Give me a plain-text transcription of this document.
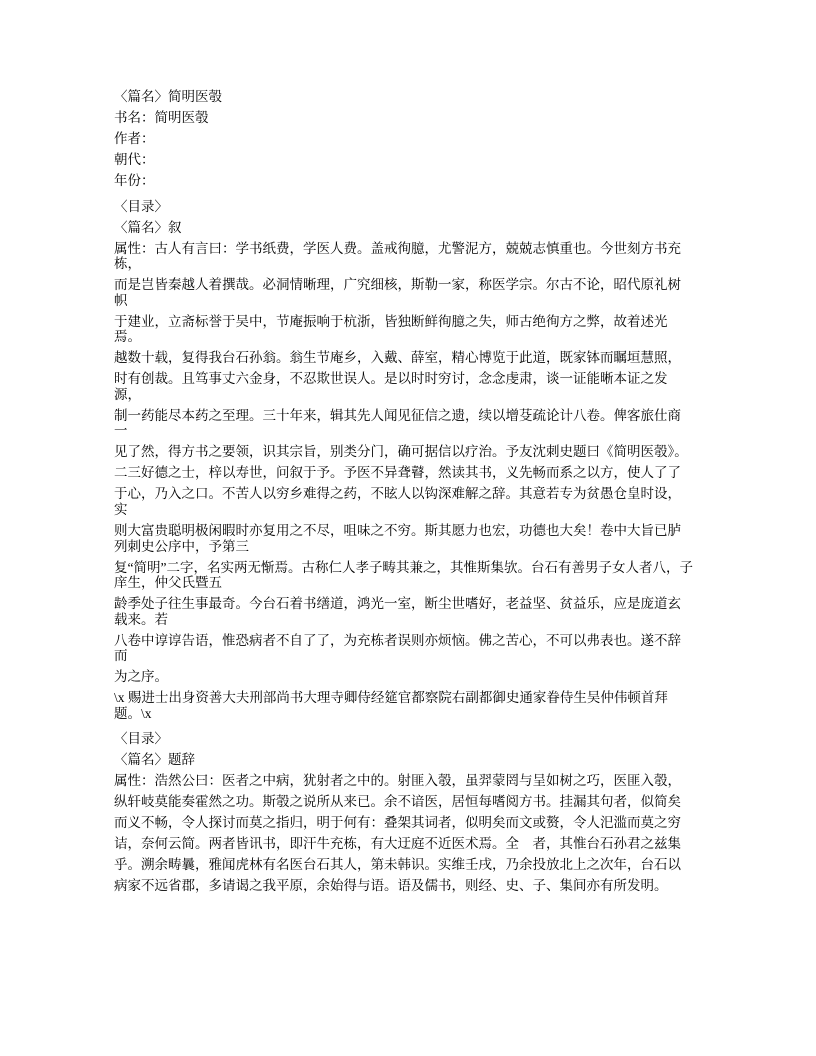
〈篇名〉简明医彀
书名：简明医彀
作者：
朝代：
年份：
〈目录〉
〈篇名〉叙
属性：古人有言曰：学书纸费，学医人费。盖戒徇臆，尤警泥方，兢兢志慎重也。今世刻方书充栋，
而是岂皆秦越人着撰哉。必洞情晰理，广究细核，斯勒一家，称医学宗。尔古不论，昭代原礼树帜
于建业，立斋标誉于吴中，节庵振响于杭浙，皆独断鲜徇臆之失，师古绝徇方之弊，故着述光焉。
越数十载，复得我台石孙翁。翁生节庵乡，入戴、薛室，精心博览于此道，既家钵而瞩垣慧照，
时有创裁。且笃事丈六金身，不忍欺世误人。是以时时穷讨，念念虔肃，谈一证能晰本证之发源，
制一药能尽本药之至理。三十年来，辑其先人闻见征信之遗，续以增芟疏论计八卷。俾客旅仕商一
见了然，得方书之要领，识其宗旨，别类分门，确可据信以疗治。予友沈刺史题曰《简明医彀》。
二三好德之士，梓以寿世，问叙于予。予医不异聋瞽，然读其书，义先畅而系之以方，使人了了
于心，乃入之口。不苦人以穷乡难得之药，不眩人以钩深难解之辞。其意若专为贫愚仓皇时设，实
则大富贵聪明极闲暇时亦复用之不尽，咀味之不穷。斯其愿力也宏，功德也大矣！卷中大旨已胪列刺史公序中，予第三
复“简明”二字，名实两无惭焉。古称仁人孝子畴其兼之，其惟斯集欤。台石有善男子女人者八，子庠生，仲父氏暨五
龄季处子往生事最奇。今台石着书缮道，鸿光一室，断尘世嗜好，老益坚、贫益乐，应是庞道玄载来。若
八卷中谆谆告语，惟恐病者不自了了，为充栋者误则亦烦恼。佛之苦心，不可以弗表也。遂不辞而
为之序。
\x 赐进士出身资善大夫刑部尚书大理寺卿侍经筵官都察院右副都御史通家眷侍生吴仲伟顿首拜题。\x
〈目录〉
〈篇名〉题辞
属性：浩然公曰：医者之中病，犹射者之中的。射匪入彀，虽羿蒙罔与呈如树之巧，医匪入彀，
纵轩岐莫能奏霍然之功。斯彀之说所从来已。余不谙医，居恒每嗜阅方书。挂漏其句者，似简矣
而义不畅，令人探讨而莫之指归，明于何有：叠架其词者，似明矣而文或赘，令人汜滥而莫之穷
诘，奈何云简。两者皆讯书，即汗牛充栋，有大迂庭不近医术焉。全　者，其惟台石孙君之兹集
乎。溯余畴曩，雅闻虎林有名医台石其人，第未韩识。实维壬戌，乃余投放北上之次年，台石以
病家不远省郡，多请谒之我平原，余始得与语。语及儒书，则经、史、子、集间亦有所发明。
